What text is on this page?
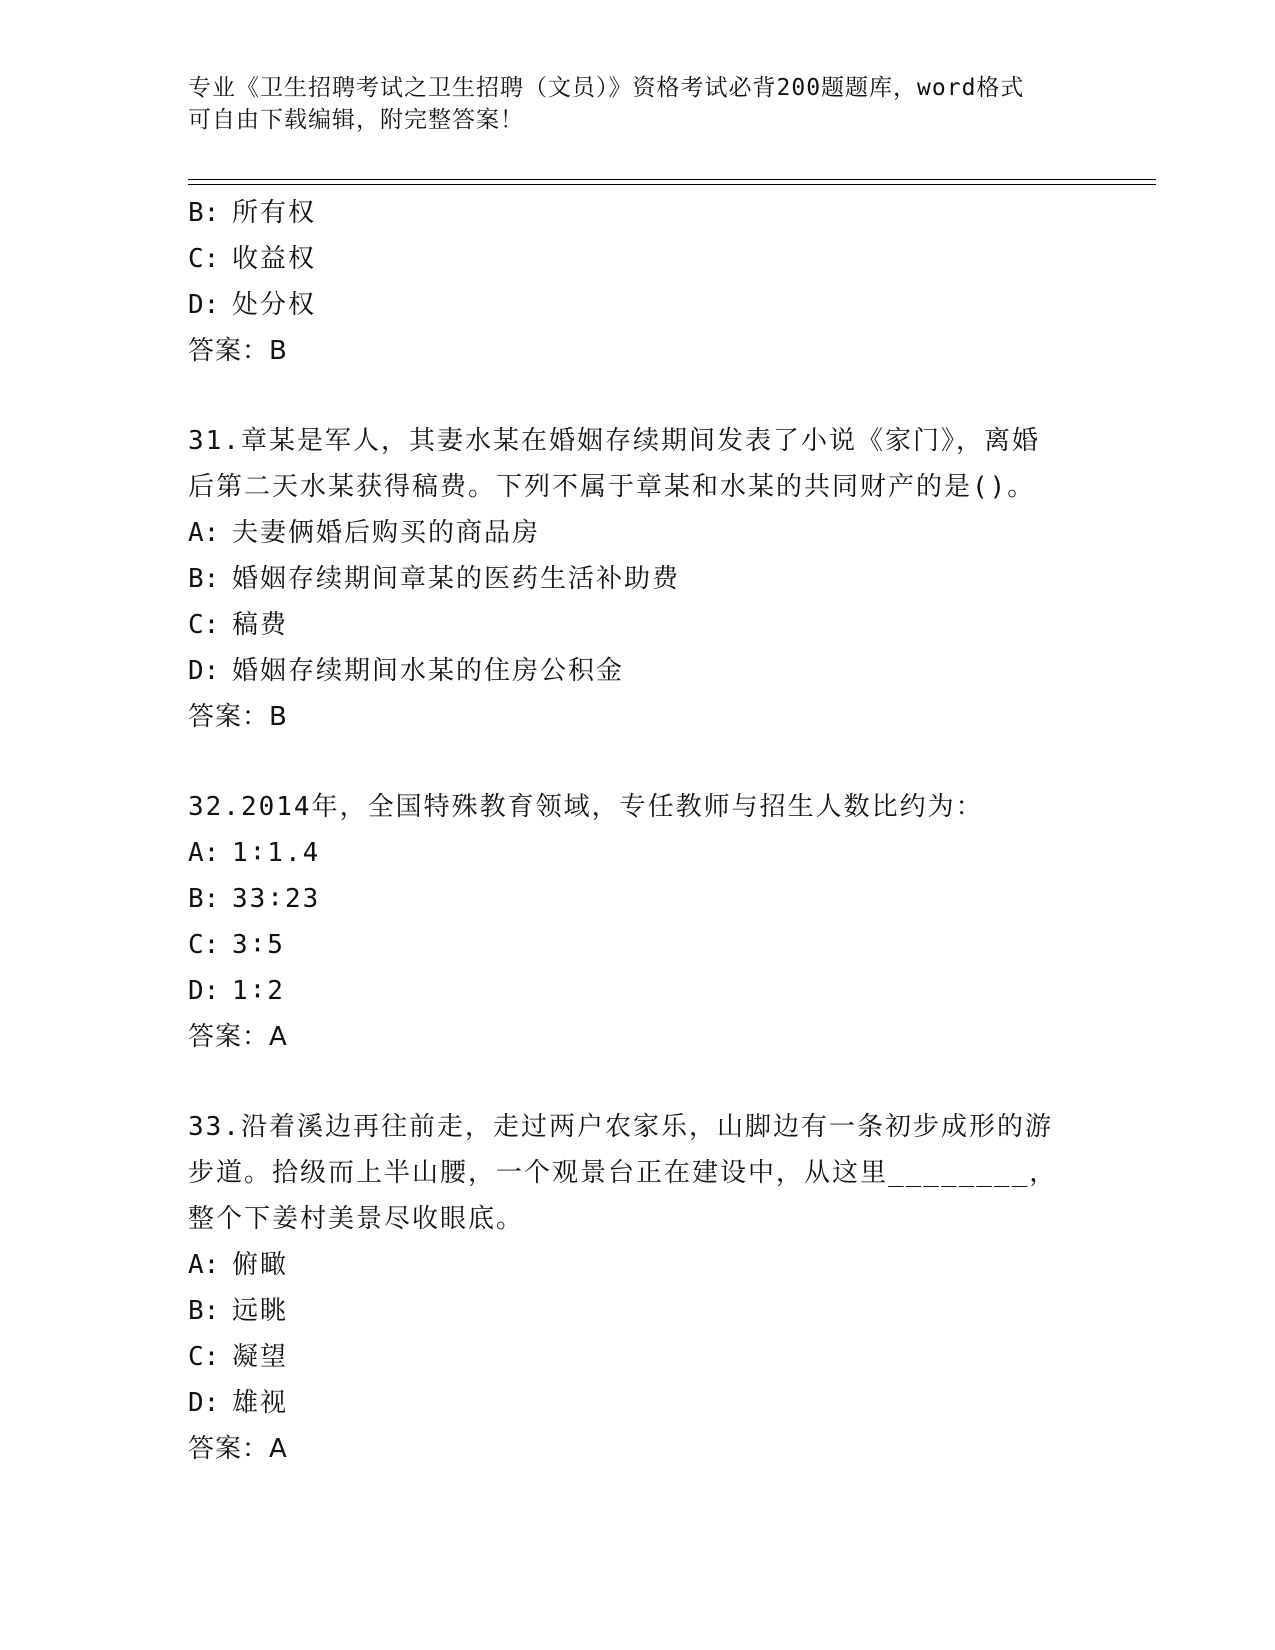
专业《卫生招聘考试之卫生招聘（文员）》资格考试必背200题题库，word格式
可自由下载编辑，附完整答案！
B: 所有权
C: 收益权
D: 处分权
答案：B
31.章某是军人，其妻水某在婚姻存续期间发表了小说《家门》，离婚
后第二天水某获得稿费。下列不属于章某和水某的共同财产的是()。
A: 夫妻俩婚后购买的商品房
B: 婚姻存续期间章某的医药生活补助费
C: 稿费
D: 婚姻存续期间水某的住房公积金
答案：B
32.2014年，全国特殊教育领域，专任教师与招生人数比约为：
A: 1∶1.4
B: 33∶23
C: 3∶5
D: 1∶2
答案：A
33.沿着溪边再往前走，走过两户农家乐，山脚边有一条初步成形的游
步道。拾级而上半山腰，一个观景台正在建设中，从这里________，
整个下姜村美景尽收眼底。
A: 俯瞰
B: 远眺
C: 凝望
D: 雄视
答案：A
